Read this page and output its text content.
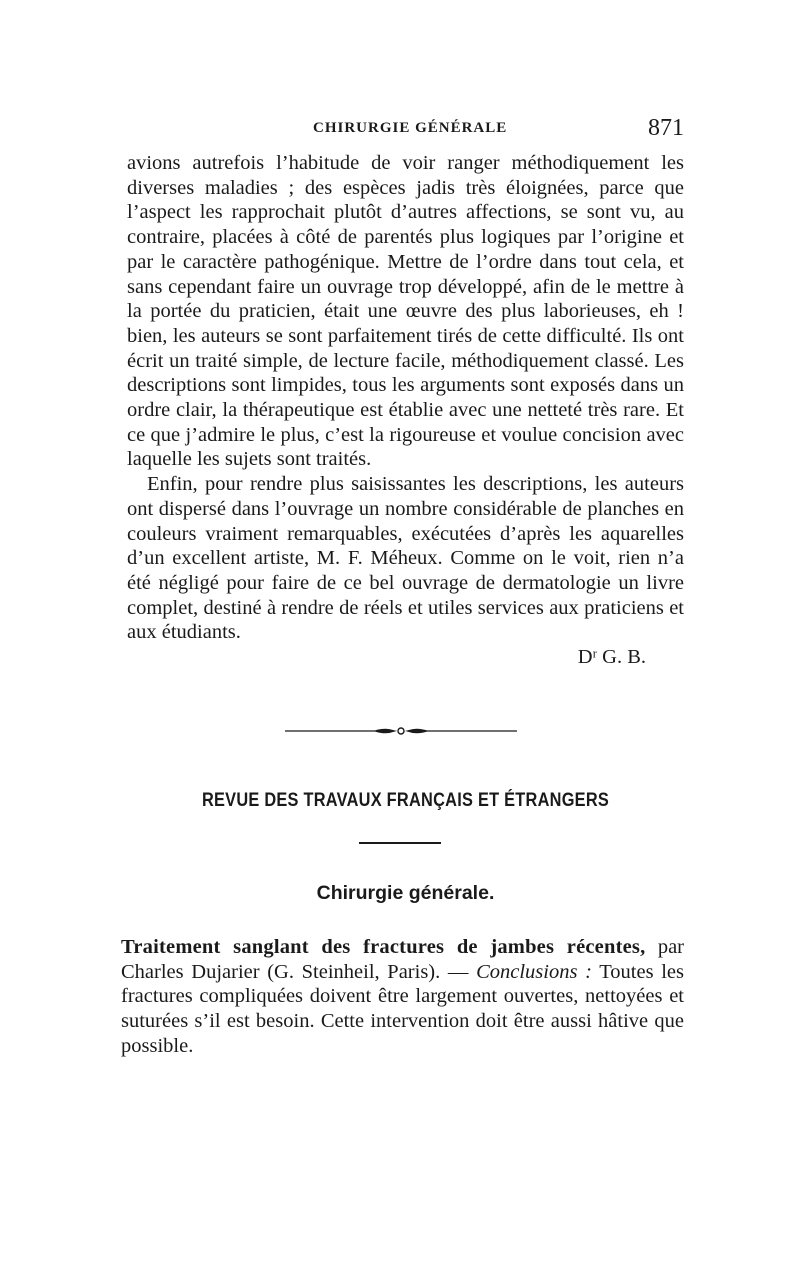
CHIRURGIE GÉNÉRALE	871

avions autrefois l’habitude de voir ranger méthodiquement les diverses maladies ; des espèces jadis très éloignées, parce que l’aspect les rapprochait plutôt d’autres affections, se sont vu, au contraire, placées à côté de parentés plus logiques par l’origine et par le caractère pathogénique. Mettre de l’ordre dans tout cela, et sans cependant faire un ouvrage trop développé, afin de le mettre à la portée du praticien, était une œuvre des plus laborieuses, eh ! bien, les auteurs se sont parfaitement tirés de cette difficulté. Ils ont écrit un traité simple, de lecture facile, méthodiquement classé. Les descriptions sont limpides, tous les arguments sont exposés dans un ordre clair, la thérapeutique est établie avec une netteté très rare. Et ce que j’admire le plus, c’est la rigoureuse et voulue concision avec laquelle les sujets sont traités.

Enfin, pour rendre plus saisissantes les descriptions, les auteurs ont dispersé dans l’ouvrage un nombre considérable de planches en couleurs vraiment remarquables, exécutées d’après les aquarelles d’un excellent artiste, M. F. Méheux. Comme on le voit, rien n’a été négligé pour faire de ce bel ouvrage de dermatologie un livre complet, destiné à rendre de réels et utiles services aux praticiens et aux étudiants.

Dʳ G. B.

REVUE DES TRAVAUX FRANÇAIS ET ÉTRANGERS
Chirurgie générale.

Traitement sanglant des fractures de jambes récentes, par Charles Dujarier (G. Steinheil, Paris). — Conclusions : Toutes les fractures compliquées doivent être largement ouvertes, nettoyées et suturées s’il est besoin. Cette intervention doit être aussi hâtive que possible.
